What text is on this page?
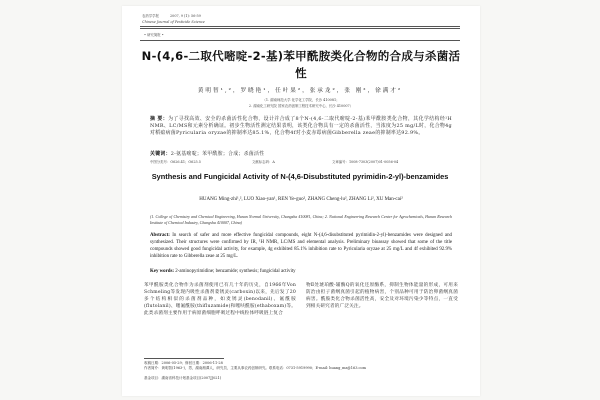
农药学学报	2007, 9 (1): 56-59
Chinese Journal of Pesticide Science
• 研究简报 •
N-(4,6-二取代嘧啶-2-基)苯甲酰胺类化合物的合成与杀菌活性
黄明智¹,²，罗晓艳¹，任叶果²，张承龙²，张 刚²，徐满才²
（1. 湖南师范大学 化学化工学院，长沙 410081；
2. 湖南化工研究院 国家农药创制工程技术研究中心，长沙 410007）
摘 要：为了寻找高效、安全的杀菌活性化合物，设计并合成了8个N-(4,6-二取代嘧啶-2-基)苯甲酰胺类化合物，其化学结构经¹H NMR、LC/MS和元素分析确证。初步生物活性测定结果表明，该类化合物具有一定的杀菌活性，当浓度为25 mg/L时，化合物4g对稻瘟病菌Pyricularia oryzae的抑制率达85.1%，化合物4f对小麦赤霉病菌Gibberella zeae的抑制率达92.9%。
关键词：2-氨基嘧啶；苯甲酰胺；合成；杀菌活性
中图分类号：O626.41；O625.5	文献标志码：A	文章编号：1008-7303(2007)01-0056-04
Synthesis and Fungicidal Activity of N-(4,6-Disubstituted pyrimidin-2-yl)-benzamides
HUANG Ming-zhi¹,², LUO Xiao-yan¹, REN Ye-guo², ZHANG Cheng-lu², ZHANG Li², XU Man-cai²
(1. College of Chemistry and Chemical Engineering, Hunan Normal University, Changsha 410081, China; 2. National Engineering Research Center for Agrochemicals, Hunan Research Institute of Chemical Industry, Changsha 410007, China)
Abstract: In search of safer and more effective fungicidal compounds, eight N-(4,6-disubstituted pyrimidin-2-yl)-benzamides were designed and synthesized. Their structures were confirmed by IR, ¹H NMR, LC/MS and elemental analysis. Preliminary bioassay showed that some of the title compounds showed good fungicidal activity, for example, 4g exhibited 85.1% inhibition rate to Pyricularia oryzae at 25 mg/L and 4f exhibited 92.9% inhibition rate to Gibberella zeae at 25 mg/L.
Key words: 2-aminopyrimidine; benzamide; synthesis; fungicidal activity
苯甲酰胺类化合物作为杀菌剂使用已有几十年的历史，自1966年Von Schmeling等发现内吸性杀菌剂萎锈灵(carboxin)以来，先后发了20多个结构相似的杀菌剂品种，如麦锈灵(benodanil)、氟酰胺(flutolanil)、噻氟酰胺(thifluzamide)和噻呋酰胺(ethaboxam)等。此类杀菌剂主要作用于病原菌细胞呼吸过程中线粒体呼吸链上复合
物Ⅱ处琥珀酸-辅酶Q的氧化还原酶系，抑制生物体能量的形成，可用来防治由担子菌纲真菌引起的植物病害，个别品种可用于防治卵菌纲真菌病害。酰胺类化合物杀菌活性高，安全及对环境污染少等特点，一直受到相关研究者的广泛关注。
收稿日期：2006-05-29；修回日期：2006-11-28
作者简介：黄明智(1963-)，男，湖南湘潭人，研究员，主要从事农药创制研究。联系电话：0731-5919990；E-mail: huang_mz@163.com
基金项目：湖南省科技计划基金项目(2007JJ021)
